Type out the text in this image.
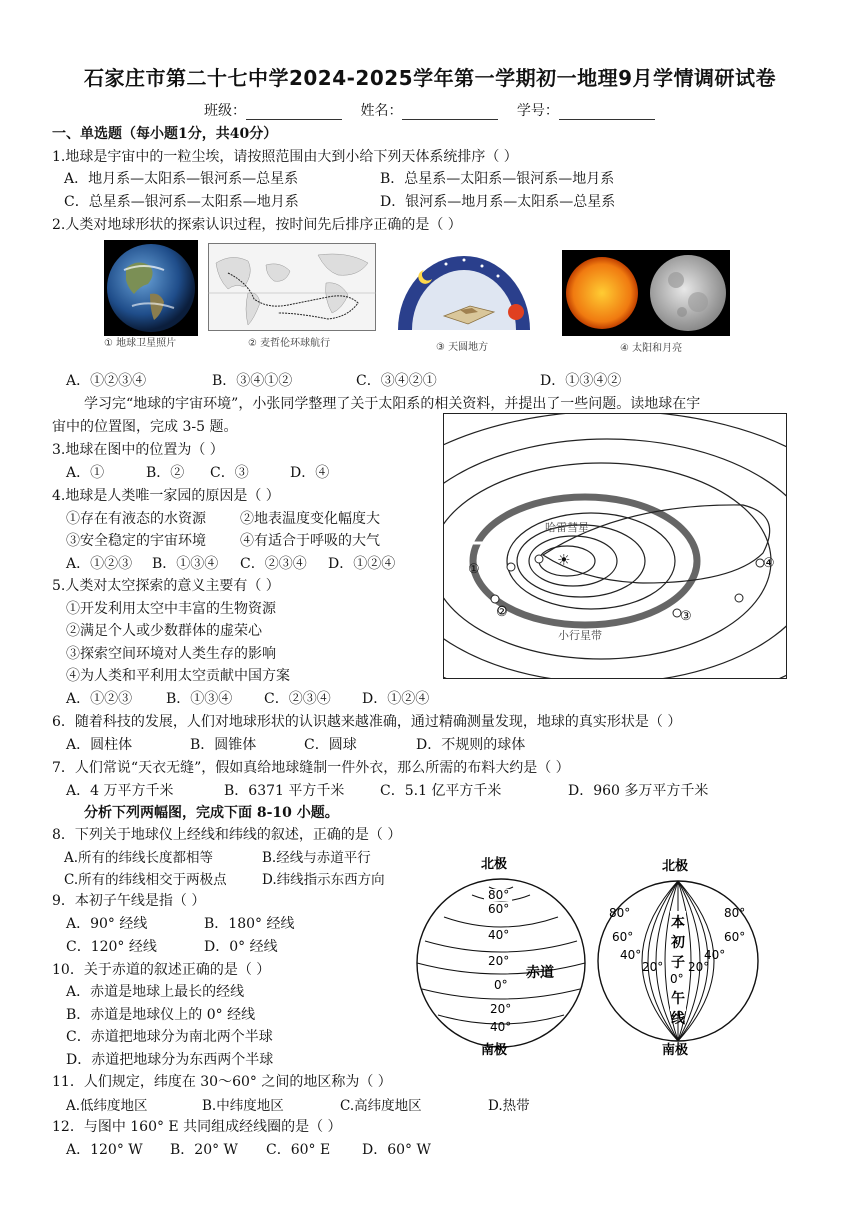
石家庄市第二十七中学2024-2025学年第一学期初一地理9月学情调研试卷
班级：	姓名：	学号：
一、单选题（每小题1分，共40分）
1.地球是宇宙中的一粒尘埃，请按照范围由大到小给下列天体系统排序（ ）
A．地月系—太阳系—银河系—总星系	B．总星系—太阳系—银河系—地月系
C．总星系—银河系—太阳系—地月系	D．银河系—地月系—太阳系—总星系
2.人类对地球形状的探索认识过程，按时间先后排序正确的是（ ）
① 地球卫星照片	② 麦哲伦环球航行	③ 天圆地方	④ 太阳和月亮
A．①②③④	B．③④①②	C．③④②①	D．①③④②
学习完“地球的宇宙环境”，小张同学整理了关于太阳系的相关资料，并提出了一些问题。读地球在宇
宙中的位置图，完成 3-5 题。
3.地球在图中的位置为（ ）
A．①	B．② C．③	D．④
4.地球是人类唯一家园的原因是（ ）
①存在有液态的水资源 ②地表温度变化幅度大
③安全稳定的宇宙环境 ④有适合于呼吸的大气
A．①②③ B．①③④ C．②③④ D．①②④
5.人类对太空探索的意义主要有（ ）
①开发利用太空中丰富的生物资源
②满足个人或少数群体的虚荣心
③探索空间环境对人类生存的影响
④为人类和平利用太空贡献中国方案
A．①②③ B．①③④ C．②③④ D．①②④
哈雷彗星
小行星带
☀
①
②	③
④
6．随着科技的发展，人们对地球形状的认识越来越准确，通过精确测量发现，地球的真实形状是（ ）
A．圆柱体	B．圆锥体	C．圆球	D．不规则的球体
7．人们常说“天衣无缝”，假如真给地球缝制一件外衣，那么所需的布料大约是（ ）
A．4 万平方千米	B．6371 平方千米	C．5.1 亿平方千米	D．960 多万平方千米
分析下列两幅图，完成下面 8-10 小题。
8．下列关于地球仪上经线和纬线的叙述，正确的是（ ）
A.所有的纬线长度都相等	B.经线与赤道平行
C.所有的纬线相交于两极点	D.纬线指示东西方向
9．本初子午线是指（ ）
A．90° 经线	B．180° 经线
C．120° 经线	D．0° 经线
10．关于赤道的叙述正确的是（ ）
A．赤道是地球上最长的经线
B．赤道是地球仪上的 0° 经线
C．赤道把地球分为南北两个半球
D．赤道把地球分为东西两个半球
11．人们规定，纬度在 30～60° 之间的地区称为（ ）
A.低纬度地区	B.中纬度地区	C.高纬度地区	D.热带
12．与图中 160° E 共同组成经线圈的是（ ）
A．120° W B．20° W C．60° E D．60° W
北极
80°
60°
40°
20°
0°
20°
40°
赤道
南极
北极
本
初
子
0°
午
线
80°
60°
40°
20° 20°
40°
60°
80°
南极
